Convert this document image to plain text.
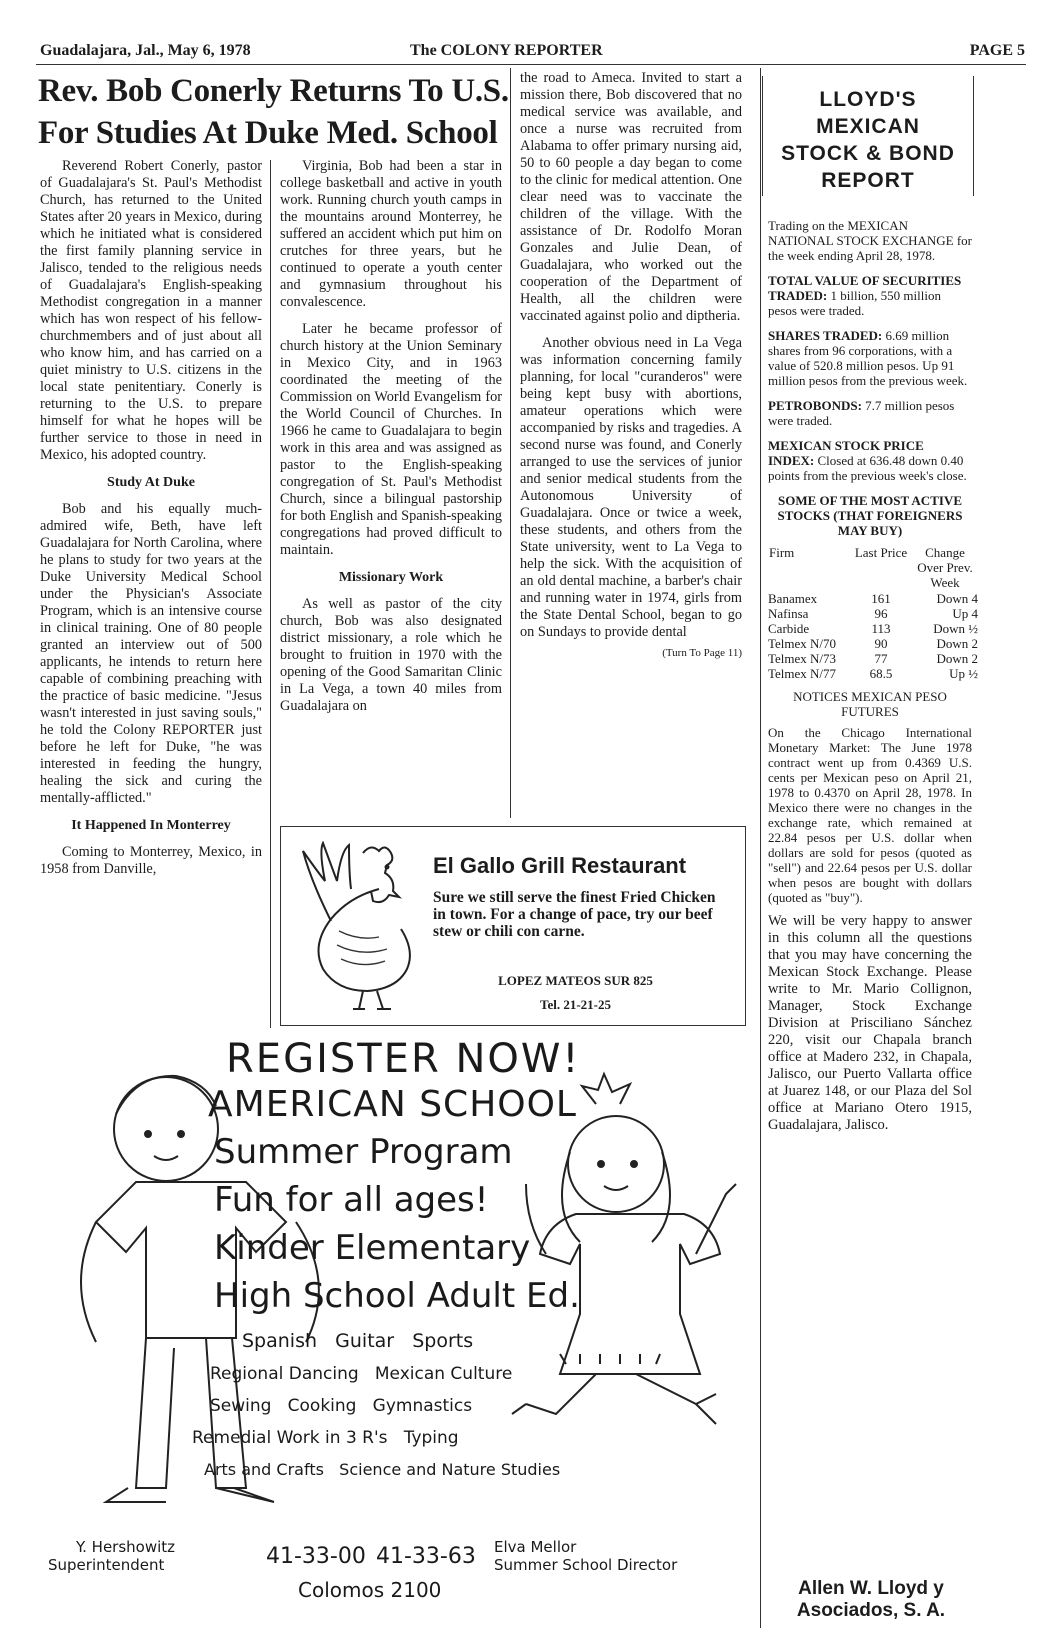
Guadalajara, Jal., May 6, 1978	The COLONY REPORTER	PAGE 5
Rev. Bob Conerly Returns To U.S.
For Studies At Duke Med. School

Reverend Robert Conerly, pastor of Guadalajara's St. Paul's Methodist Church, has returned to the United States after 20 years in Mexico, during which he initiated what is considered the first family planning service in Jalisco, tended to the religious needs of Guadalajara's English-speaking Methodist congregation in a manner which has won respect of his fellow-churchmembers and of just about all who know him, and has carried on a quiet ministry to U.S. citizens in the local state penitentiary. Conerly is returning to the U.S. to prepare himself for what he hopes will be further service to those in need in Mexico, his adopted country.

Study At Duke

Bob and his equally much-admired wife, Beth, have left Guadalajara for North Carolina, where he plans to study for two years at the Duke University Medical School under the Physician's Associate Program, which is an intensive course in clinical training. One of 80 people granted an interview out of 500 applicants, he intends to return here capable of combining preaching with the practice of basic medicine. "Jesus wasn't interested in just saving souls," he told the Colony REPORTER just before he left for Duke, "he was interested in feeding the hungry, healing the sick and curing the mentally-afflicted."

It Happened In Monterrey

Coming to Monterrey, Mexico, in 1958 from Danville,

Virginia, Bob had been a star in college basketball and active in youth work. Running church youth camps in the mountains around Monterrey, he suffered an accident which put him on crutches for three years, but he continued to operate a youth center and gymnasium throughout his convalescence.

Later he became professor of church history at the Union Seminary in Mexico City, and in 1963 coordinated the meeting of the Commission on World Evangelism for the World Council of Churches. In 1966 he came to Guadalajara to begin work in this area and was assigned as pastor to the English-speaking congregation of St. Paul's Methodist Church, since a bilingual pastorship for both English and Spanish-speaking congregations had proved difficult to maintain.

Missionary Work

As well as pastor of the city church, Bob was also designated district missionary, a role which he brought to fruition in 1970 with the opening of the Good Samaritan Clinic in La Vega, a town 40 miles from Guadalajara on

the road to Ameca. Invited to start a mission there, Bob discovered that no medical service was available, and once a nurse was recruited from Alabama to offer primary nursing aid, 50 to 60 people a day began to come to the clinic for medical attention. One clear need was to vaccinate the children of the village. With the assistance of Dr. Rodolfo Moran Gonzales and Julie Dean, of Guadalajara, who worked out the cooperation of the Department of Health, all the children were vaccinated against polio and diptheria.

Another obvious need in La Vega was information concerning family planning, for local "curanderos" were being kept busy with abortions, amateur operations which were accompanied by risks and tragedies. A second nurse was found, and Conerly arranged to use the services of junior and senior medical students from the Autonomous University of Guadalajara. Once or twice a week, these students, and others from the State university, went to La Vega to help the sick. With the acquisition of an old dental machine, a barber's chair and running water in 1974, girls from the State Dental School, began to go on Sundays to provide dental

(Turn To Page 11)
El Gallo Grill Restaurant
Sure we still serve the finest Fried Chicken in town. For a change of pace, try our beef stew or chili con carne.
LOPEZ MATEOS SUR 825
Tel. 21-21-25
REGISTER NOW!
AMERICAN SCHOOL
Summer Program
Fun for all ages!
Kinder Elementary
High School Adult Ed.
Spanish   Guitar   Sports
Regional Dancing   Mexican Culture
Sewing   Cooking   Gymnastics
Remedial Work in 3 R's   Typing
Arts and Crafts   Science and Nature Studies
Y. Hershowitz
Superintendent	41-33-00 41-33-63
Colomos 2100
Elva Mellor
Summer School Director
LLOYD'S
MEXICAN
STOCK & BOND
REPORT

Trading on the MEXICAN NATIONAL STOCK EXCHANGE for the week ending April 28, 1978.

TOTAL VALUE OF SECURITIES TRADED: 1 billion, 550 million pesos were traded.

SHARES TRADED: 6.69 million shares from 96 corporations, with a value of 520.8 million pesos. Up 91 million pesos from the previous week.

PETROBONDS: 7.7 million pesos were traded.

MEXICAN STOCK PRICE INDEX: Closed at 636.48 down 0.40 points from the previous week's close.

SOME OF THE MOST ACTIVE STOCKS (THAT FOREIGNERS MAY BUY)

Firm	Last Price	Change Over Prev. Week
Banamex	161	Down 4
Nafinsa	96	Up 4
Carbide	113	Down ½
Telmex N/70	90	Down 2
Telmex N/73	77	Down 2
Telmex N/77	68.5	Up ½

NOTICES MEXICAN PESO FUTURES

On the Chicago International Monetary Market: The June 1978 contract went up from 0.4369 U.S. cents per Mexican peso on April 21, 1978 to 0.4370 on April 28, 1978. In Mexico there were no changes in the exchange rate, which remained at 22.84 pesos per U.S. dollar when dollars are sold for pesos (quoted as "sell") and 22.64 pesos per U.S. dollar when pesos are bought with dollars (quoted as "buy").

We will be very happy to answer in this column all the questions that you may have concerning the Mexican Stock Exchange. Please write to Mr. Mario Collignon, Manager, Stock Exchange Division at Prisciliano Sánchez 220, visit our Chapala branch office at Madero 232, in Chapala, Jalisco, our Puerto Vallarta office at Juarez 148, or our Plaza del Sol office at Mariano Otero 1915, Guadalajara, Jalisco.

Allen W. Lloyd y
Asociados, S. A.
